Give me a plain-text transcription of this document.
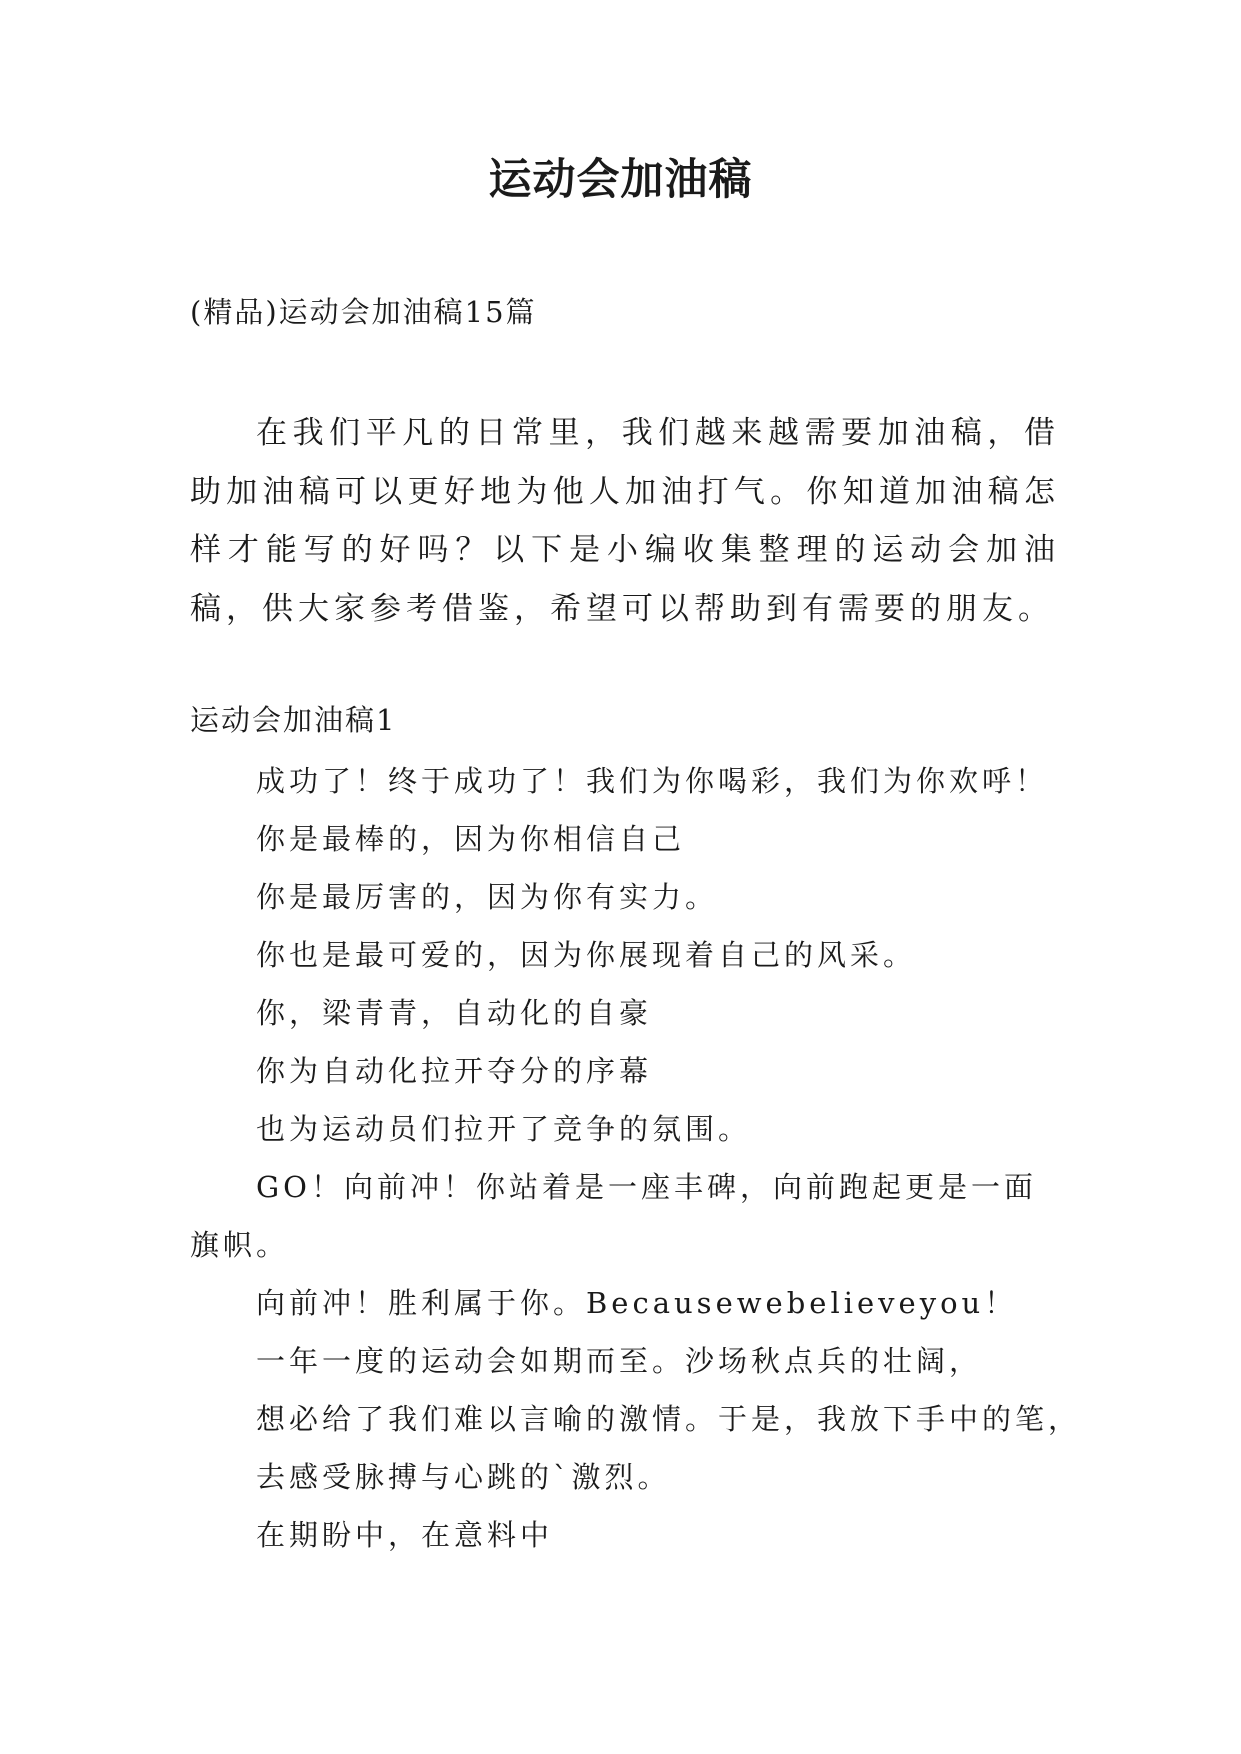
运动会加油稿

(精品)运动会加油稿15篇

在我们平凡的日常里，我们越来越需要加油稿，借助加油稿可以更好地为他人加油打气。你知道加油稿怎样才能写的好吗？以下是小编收集整理的运动会加油稿，供大家参考借鉴，希望可以帮助到有需要的朋友。

运动会加油稿1

成功了！终于成功了！我们为你喝彩，我们为你欢呼！
你是最棒的，因为你相信自己
你是最厉害的，因为你有实力。
你也是最可爱的，因为你展现着自己的风采。
你，梁青青，自动化的自豪
你为自动化拉开夺分的序幕
也为运动员们拉开了竞争的氛围。
GO！向前冲！你站着是一座丰碑，向前跑起更是一面旗帜。
向前冲！胜利属于你。Becausewebelieveyou！
一年一度的运动会如期而至。沙场秋点兵的壮阔，
想必给了我们难以言喻的激情。于是，我放下手中的笔，
去感受脉搏与心跳的`激烈。
在期盼中，在意料中
